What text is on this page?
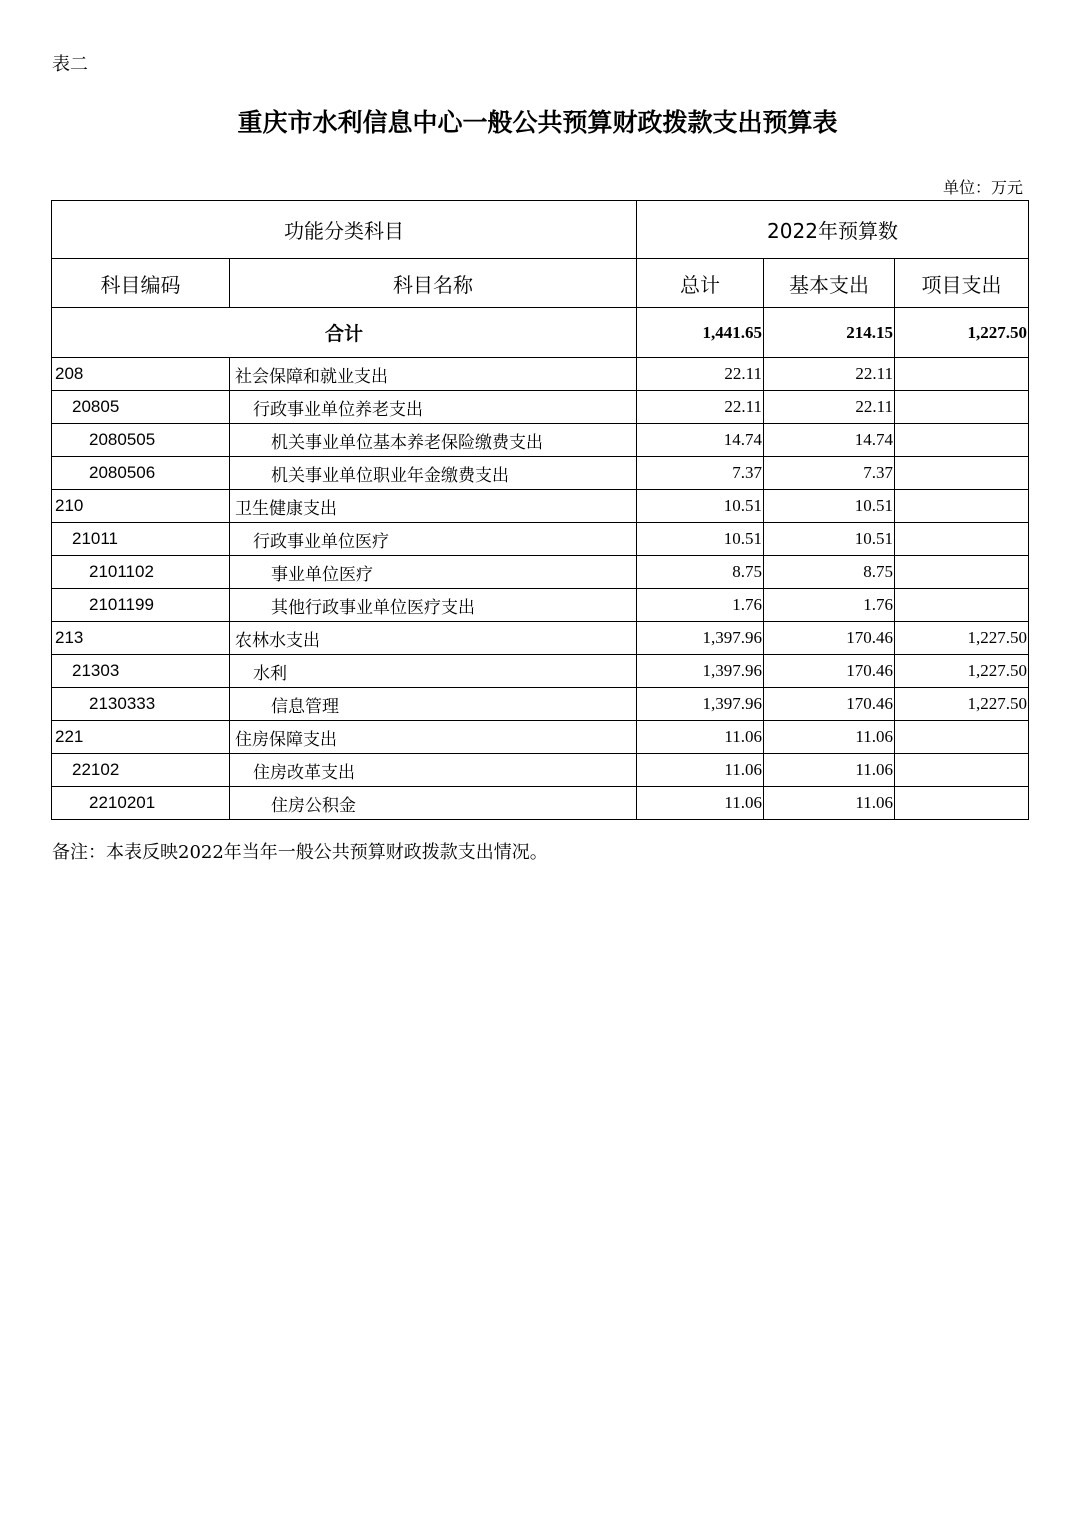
表二
重庆市水利信息中心一般公共预算财政拨款支出预算表
单位：万元
功能分类科目		2022年预算数		
科目编码	科目名称	总计	基本支出	项目支出
合计		1,441.65	214.15	1,227.50
208	社会保障和就业支出	22.11	22.11	
20805	行政事业单位养老支出	22.11	22.11	
2080505	机关事业单位基本养老保险缴费支出	14.74	14.74	
2080506	机关事业单位职业年金缴费支出	7.37	7.37	
210	卫生健康支出	10.51	10.51	
21011	行政事业单位医疗	10.51	10.51	
2101102	事业单位医疗	8.75	8.75	
2101199	其他行政事业单位医疗支出	1.76	1.76	
213	农林水支出	1,397.96	170.46	1,227.50
21303	水利	1,397.96	170.46	1,227.50
2130333	信息管理	1,397.96	170.46	1,227.50
221	住房保障支出	11.06	11.06	
22102	住房改革支出	11.06	11.06	
2210201	住房公积金	11.06	11.06	
备注：本表反映2022年当年一般公共预算财政拨款支出情况。
